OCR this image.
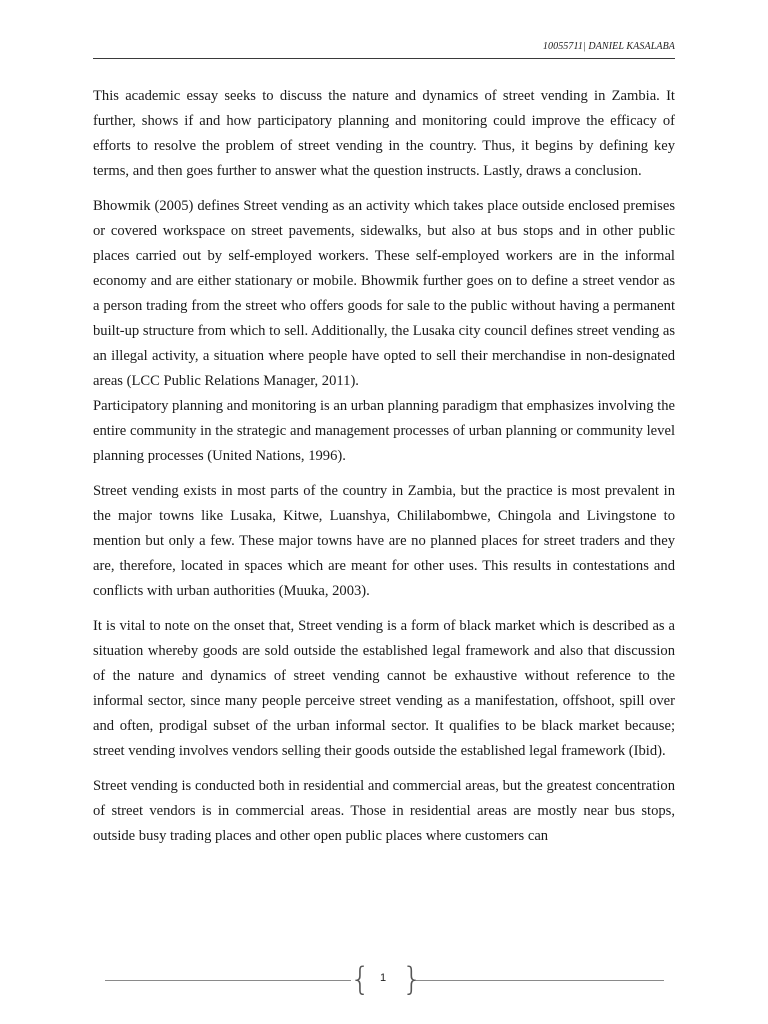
10055711| DANIEL KASALABA

This academic essay seeks to discuss the nature and dynamics of street vending in Zambia. It further, shows if and how participatory planning and monitoring could improve the efficacy of efforts to resolve the problem of street vending in the country. Thus, it begins by defining key terms, and then goes further to answer what the question instructs. Lastly, draws a conclusion.

Bhowmik (2005) defines Street vending as an activity which takes place outside enclosed premises or covered workspace on street pavements, sidewalks, but also at bus stops and in other public places carried out by self-employed workers. These self-employed workers are in the informal economy and are either stationary or mobile. Bhowmik further goes on to define a street vendor as a person trading from the street who offers goods for sale to the public without having a permanent built-up structure from which to sell. Additionally, the Lusaka city council defines street vending as an illegal activity, a situation where people have opted to sell their merchandise in non-designated areas (LCC Public Relations Manager, 2011).

Participatory planning and monitoring is an urban planning paradigm that emphasizes involving the entire community in the strategic and management processes of urban planning or community level planning processes (United Nations, 1996).

Street vending exists in most parts of the country in Zambia, but the practice is most prevalent in the major towns like Lusaka, Kitwe, Luanshya, Chililabombwe, Chingola and Livingstone to mention but only a few. These major towns have are no planned places for street traders and they are, therefore, located in spaces which are meant for other uses. This results in contestations and conflicts with urban authorities (Muuka, 2003).

It is vital to note on the onset that, Street vending is a form of black market which is described as a situation whereby goods are sold outside the established legal framework and also that discussion of the nature and dynamics of street vending cannot be exhaustive without reference to the informal sector, since many people perceive street vending as a manifestation, offshoot, spill over and often, prodigal subset of the urban informal sector. It qualifies to be black market because; street vending involves vendors selling their goods outside the established legal framework (Ibid).

Street vending is conducted both in residential and commercial areas, but the greatest concentration of street vendors is in commercial areas. Those in residential areas are mostly near bus stops, outside busy trading places and other open public places where customers can

{ 1 }
